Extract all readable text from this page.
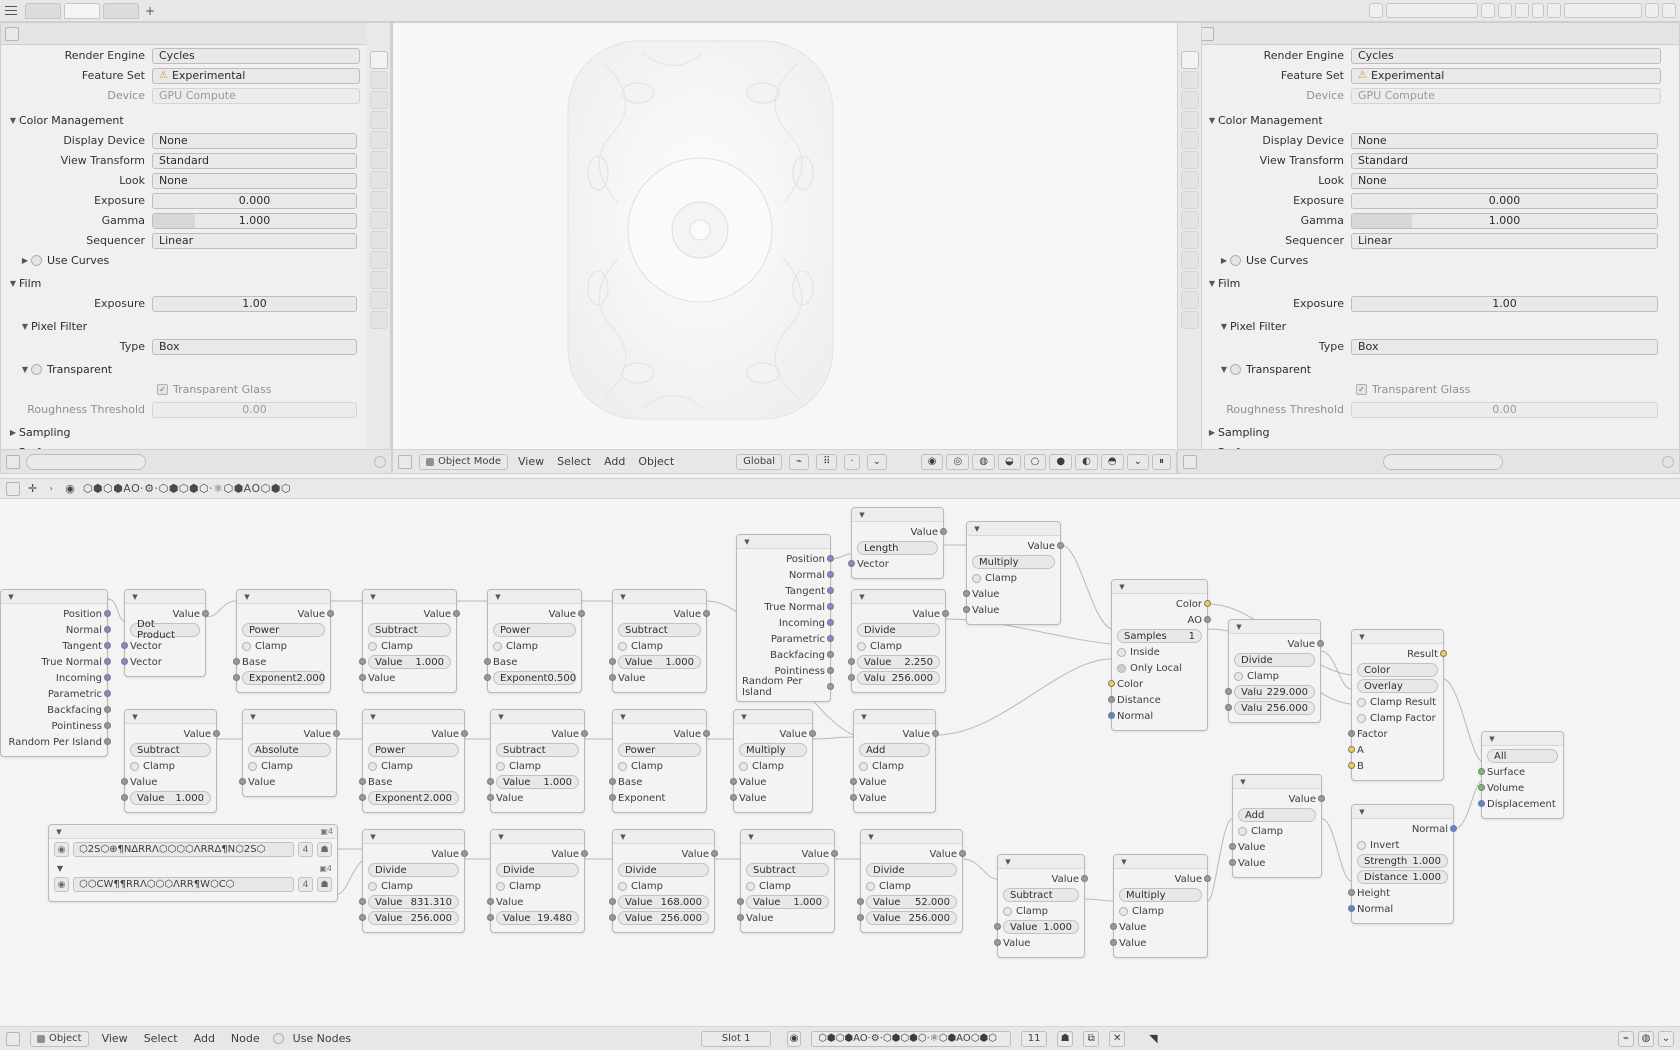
+
Render Engine	Cycles
Feature Set	⚠ Experimental
Device	GPU Compute
▼ Color Management
Display Device	None
View Transform	Standard
Look	None
Exposure	0.000
Gamma	1.000
Sequencer	Linear
▶ Use Curves
▼ Film
Exposure	1.00
▼ Pixel Filter
Type	Box
▼ Transparent
✓ Transparent Glass
Roughness Threshold	0.00
▶ Sampling
Object Mode View Select Add Object	Global	⌁	⠿	·	⌄	◉	◎	◍	◒	○	●	◐	◓	⌄	⏸
Render Engine	Cycles
Feature Set	⚠ Experimental
Device	GPU Compute
▼ Color Management
Display Device	None
View Transform	Standard
Look	None
Exposure	0.000
Gamma	1.000
Sequencer	Linear
▶ Use Curves
▼ Film
Exposure	1.00
▼ Pixel Filter
Type	Box
▼ Transparent
✓ Transparent Glass
Roughness Threshold	0.00
▶ Sampling
✛	›	◉ ⬡⬢⬡⬢AO⋅⚙⋅⬡⬢⬡⬢⬡⋅⚛⬡⬢AO⬡⬢⬡
▼
Position
Normal
Tangent
True Normal
Incoming
Parametric
Backfacing
Pointiness
Random Per Island
▼
Value
Dot Product
Vector
Vector
▼
Value
Power
Clamp
Base
Exponent 2.000
▼
Value
Subtract
Clamp
Value 1.000
Value
▼
Value
Power
Clamp
Base
Exponent 0.500
▼
Value
Subtract
Clamp
Value 1.000
Value
▼
Position
Normal
Tangent
True Normal
Incoming
Parametric
Backfacing
Pointiness
Random Per Island
▼
Value
Length
Vector
▼
Value
Multiply
Clamp
Value
Value
▼
Value
Divide
Clamp
Value 2.250
Valu 256.000
▼
Color
AO
Samples 1
Inside
Only Local
Color
Distance
Normal
▼
Value
Divide
Clamp
Valu 229.000
Valu 256.000
▼
Result
Color
Overlay
Clamp Result
Clamp Factor
Factor
A
B
▼
All
Surface
Volume
Displacement
▼
Value
Subtract
Clamp
Value
Value 1.000
▼
Value
Absolute
Clamp
Value
▼
Value
Power
Clamp
Base
Exponent 2.000
▼
Value
Subtract
Clamp
Value 1.000
Value
▼
Value
Power
Clamp
Base
Exponent
▼
Value
Multiply
Clamp
Value
Value
▼
Value
Add
Clamp
Value
Value
▼
Value
Add
Clamp
Value
Value
▼
Normal
Invert
Strength 1.000
Distance 1.000
Height
Normal
▼	▣4
◉	⬡2S⬡⊕¶N∆RRΛ⬡⬡⬡⬡ΛRRΔ¶N⬡2S⬡	4	☗
▼	▣4
◉	⬡⬡CW¶¶RRΛ⬡⬡⬡ΛRR¶W⬡C⬡	4	☗
▼
Value
Divide
Clamp
Value 831.310
Value 256.000
▼
Value
Divide
Clamp
Value
Value 19.480
▼
Value
Divide
Clamp
Value 168.000
Value 256.000
▼
Value
Subtract
Clamp
Value 1.000
Value
▼
Value
Divide
Clamp
Value 52.000
Value 256.000
▼
Value
Subtract
Clamp
Value 1.000
Value
▼
Value
Multiply
Clamp
Value
Value
Object View Select Add Node	Use Nodes	Slot 1	◉	⬡⬢⬡⬢AO⋅⚙⋅⬡⬢⬡⬢⬡⋅⚛⬡⬢AO⬡⬢⬡	11	☗	⧉	✕	◥	⌁	◍	⌄
